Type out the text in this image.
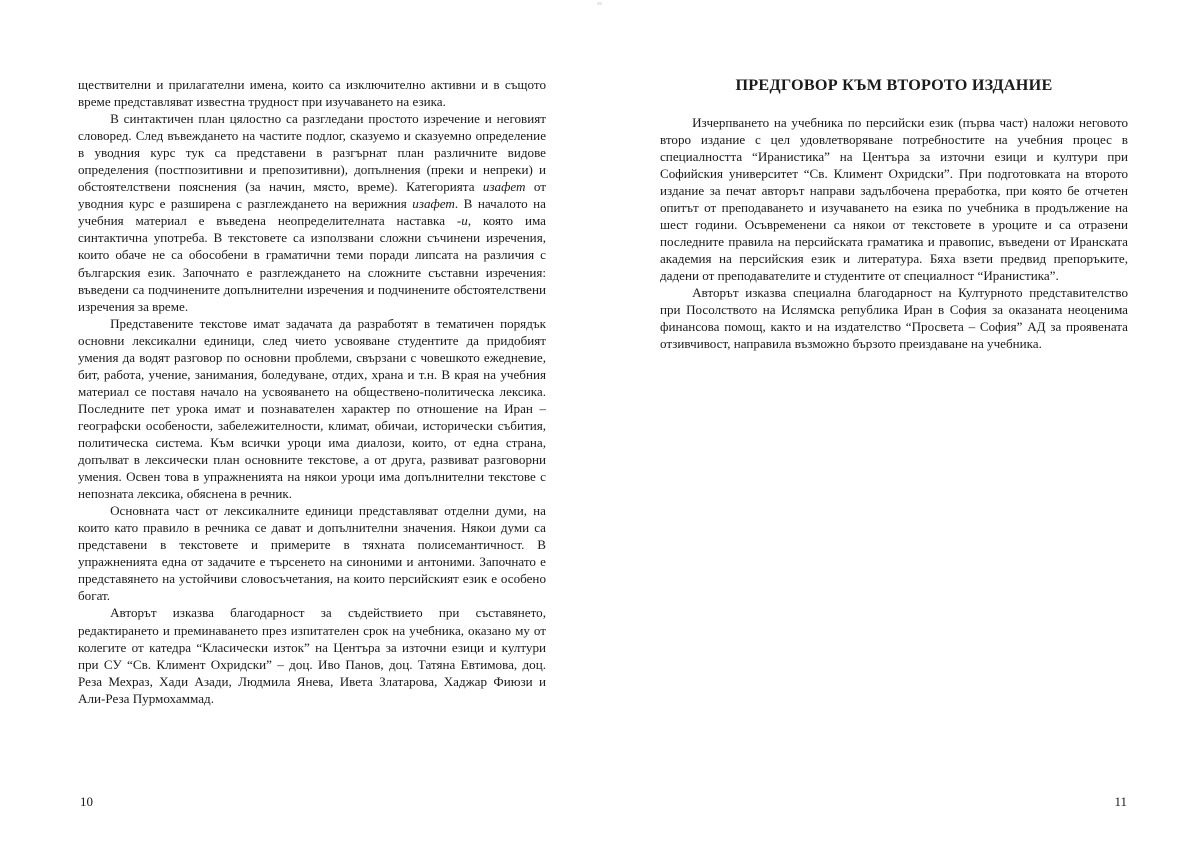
ществителни и прилагателни имена, които са изключително активни и в същото време представляват известна трудност при изучаването на езика.

В синтактичен план цялостно са разгледани простото изречение и неговият словоред. След въвеждането на частите подлог, сказуемо и сказуемно определение в уводния курс тук са представени в разгърнат план различните видове определения (постпозитивни и препозитивни), допълнения (преки и непреки) и обстоятелствени пояснения (за начин, място, време). Категорията изафет от уводния курс е разширена с разглеждането на верижния изафет. В началото на учебния материал е въведена неопределителната наставка -и, която има синтактична употреба. В текстовете са използвани сложни съчинени изречения, които обаче не са обособени в граматични теми поради липсата на различия с българския език. Започнато е разглеждането на сложните съставни изречения: въведени са подчинените допълнителни изречения и подчинените обстоятелствени изречения за време.

Представените текстове имат задачата да разработят в тематичен порядък основни лексикални единици, след чието усвояване студентите да придобият умения да водят разговор по основни проблеми, свързани с човешкото ежедневие, бит, работа, учение, занимания, боледуване, отдих, храна и т.н. В края на учебния материал се поставя начало на усвояването на обществено-политическа лексика. Последните пет урока имат и познавателен характер по отношение на Иран – географски особености, забележителности, климат, обичаи, исторически събития, политическа система. Към всички уроци има диалози, които, от една страна, допълват в лексически план основните текстове, а от друга, развиват разговорни умения. Освен това в упражненията на някои уроци има допълнителни текстове с непозната лексика, обяснена в речник.

Основната част от лексикалните единици представляват отделни думи, на които като правило в речника се дават и допълнителни значения. Някои думи са представени в текстовете и примерите в тяхната полисемантичност. В упражненията една от задачите е търсенето на синоними и антоними. Започнато е представянето на устойчиви словосъчетания, на които персийският език е особено богат.

Авторът изказва благодарност за съдействието при съставянето, редактирането и преминаването през изпитателен срок на учебника, оказано му от колегите от катедра “Класически изток” на Центъра за източни езици и култури при СУ “Св. Климент Охридски” – доц. Иво Панов, доц. Татяна Евтимова, доц. Реза Мехраз, Хади Азади, Людмила Янева, Ивета Златарова, Хаджар Фиюзи и Али-Реза Пурмохаммад.

10
ПРЕДГОВОР КЪМ ВТОРОТО ИЗДАНИЕ

Изчерпването на учебника по персийски език (първа част) наложи неговото второ издание с цел удовлетворяване потребностите на учебния процес в специалността “Иранистика” на Центъра за източни езици и култури при Софийския университет “Св. Климент Охридски”. При подготовката на второто издание за печат авторът направи задълбочена преработка, при която бе отчетен опитът от преподаването и изучаването на езика по учебника в продължение на шест години. Осъвременени са някои от текстовете в уроците и са отразени последните правила на персийската граматика и правопис, въведени от Иранската академия на персийския език и литература. Бяха взети предвид препоръките, дадени от преподавателите и студентите от специалност “Иранистика”.

Авторът изказва специална благодарност на Културното представителство при Посолството на Ислямска република Иран в София за оказаната неоценима финансова помощ, както и на издателство “Просвета – София” АД за проявената отзивчивост, направила възможно бързото преиздаване на учебника.

11
